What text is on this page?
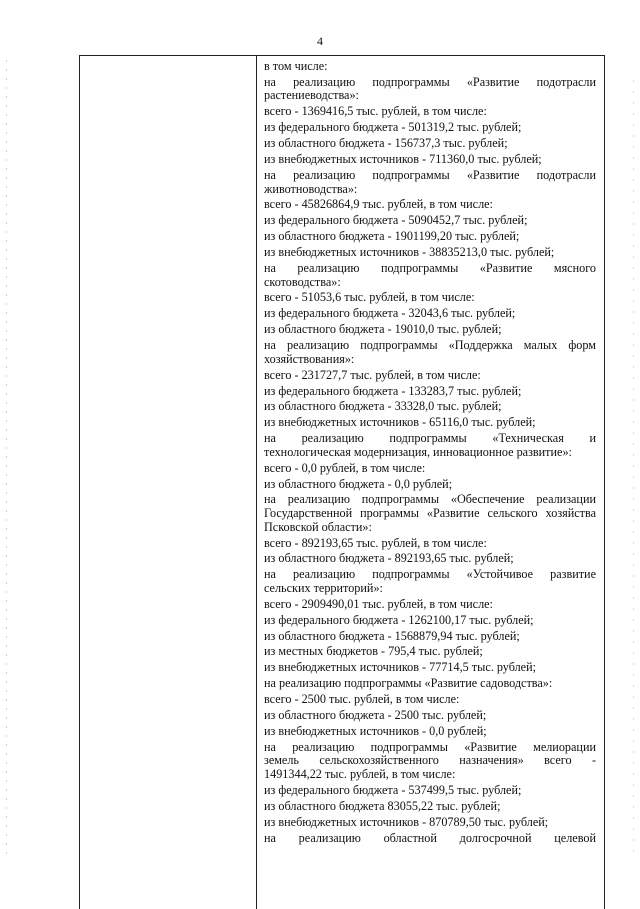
4
в том числе:
на реализацию подпрограммы «Развитие подотрасли
растениеводства»:
всего - 1369416,5 тыс. рублей, в том числе:
из федерального бюджета - 501319,2 тыс. рублей;
из областного бюджета - 156737,3 тыс. рублей;
из внебюджетных источников - 711360,0 тыс. рублей;
на реализацию подпрограммы «Развитие подотрасли
животноводства»:
всего - 45826864,9 тыс. рублей, в том числе:
из федерального бюджета - 5090452,7 тыс. рублей;
из областного бюджета - 1901199,20 тыс. рублей;
из внебюджетных источников - 38835213,0 тыс. рублей;
на реализацию подпрограммы «Развитие мясного
скотоводства»:
всего - 51053,6 тыс. рублей, в том числе:
из федерального бюджета - 32043,6 тыс. рублей;
из областного бюджета - 19010,0 тыс. рублей;
на реализацию подпрограммы «Поддержка малых форм
хозяйствования»:
всего - 231727,7 тыс. рублей, в том числе:
из федерального бюджета - 133283,7 тыс. рублей;
из областного бюджета - 33328,0 тыс. рублей;
из внебюджетных источников - 65116,0 тыс. рублей;
на реализацию подпрограммы «Техническая и
технологическая модернизация, инновационное развитие»:
всего - 0,0 рублей, в том числе:
из областного бюджета - 0,0 рублей;
на реализацию подпрограммы «Обеспечение реализации
Государственной программы «Развитие сельского хозяйства
Псковской области»:
всего - 892193,65 тыс. рублей, в том числе:
из областного бюджета - 892193,65 тыс. рублей;
на реализацию подпрограммы «Устойчивое развитие
сельских территорий»:
всего - 2909490,01 тыс. рублей, в том числе:
из федерального бюджета - 1262100,17 тыс. рублей;
из областного бюджета - 1568879,94 тыс. рублей;
из местных бюджетов - 795,4 тыс. рублей;
из внебюджетных источников - 77714,5 тыс. рублей;
на реализацию подпрограммы «Развитие садоводства»:
всего - 2500 тыс. рублей, в том числе:
из областного бюджета - 2500 тыс. рублей;
из внебюджетных источников - 0,0 рублей;
на реализацию подпрограммы «Развитие мелиорации
земель сельскохозяйственного назначения» всего -
1491344,22 тыс. рублей, в том числе:
из федерального бюджета - 537499,5 тыс. рублей;
из областного бюджета 83055,22 тыс. рублей;
из внебюджетных источников - 870789,50 тыс. рублей;
на реализацию областной долгосрочной целевой
